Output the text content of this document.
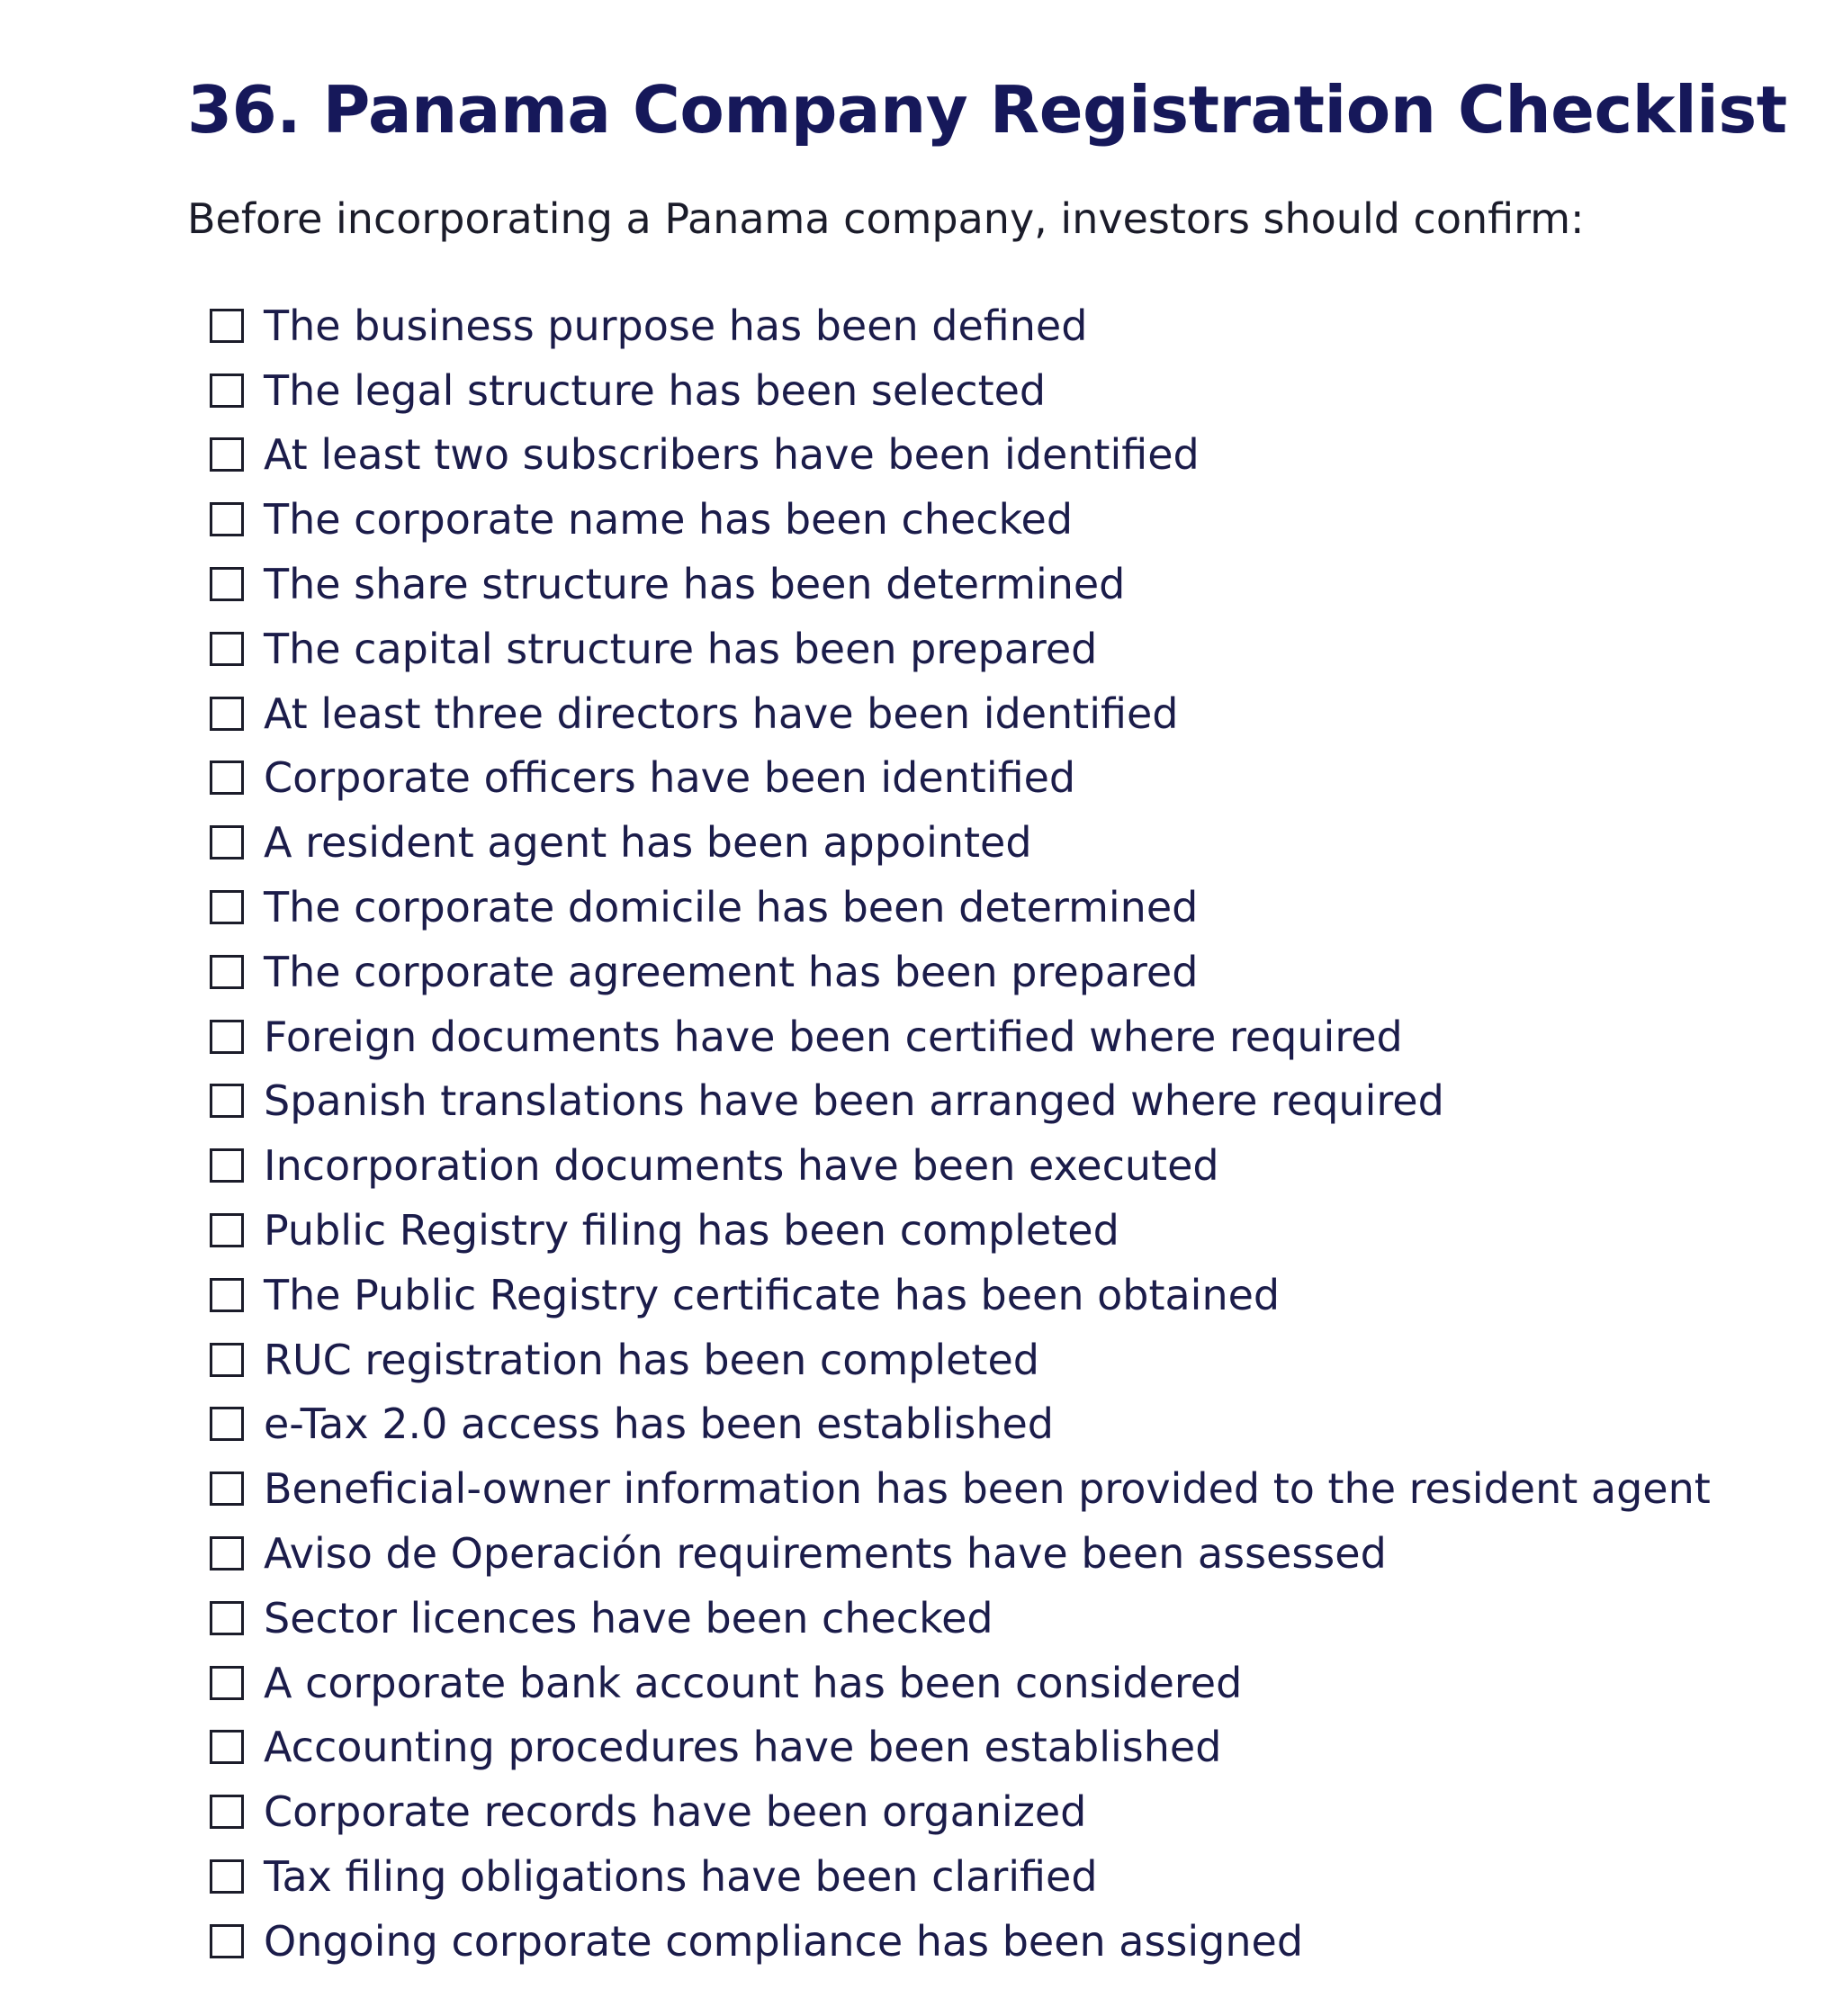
36. Panama Company Registration Checklist

Before incorporating a Panama company, investors should confirm:

The business purpose has been defined
The legal structure has been selected
At least two subscribers have been identified
The corporate name has been checked
The share structure has been determined
The capital structure has been prepared
At least three directors have been identified
Corporate officers have been identified
A resident agent has been appointed
The corporate domicile has been determined
The corporate agreement has been prepared
Foreign documents have been certified where required
Spanish translations have been arranged where required
Incorporation documents have been executed
Public Registry filing has been completed
The Public Registry certificate has been obtained
RUC registration has been completed
e-Tax 2.0 access has been established
Beneficial-owner information has been provided to the resident agent
Aviso de Operación requirements have been assessed
Sector licences have been checked
A corporate bank account has been considered
Accounting procedures have been established
Corporate records have been organized
Tax filing obligations have been clarified
Ongoing corporate compliance has been assigned
